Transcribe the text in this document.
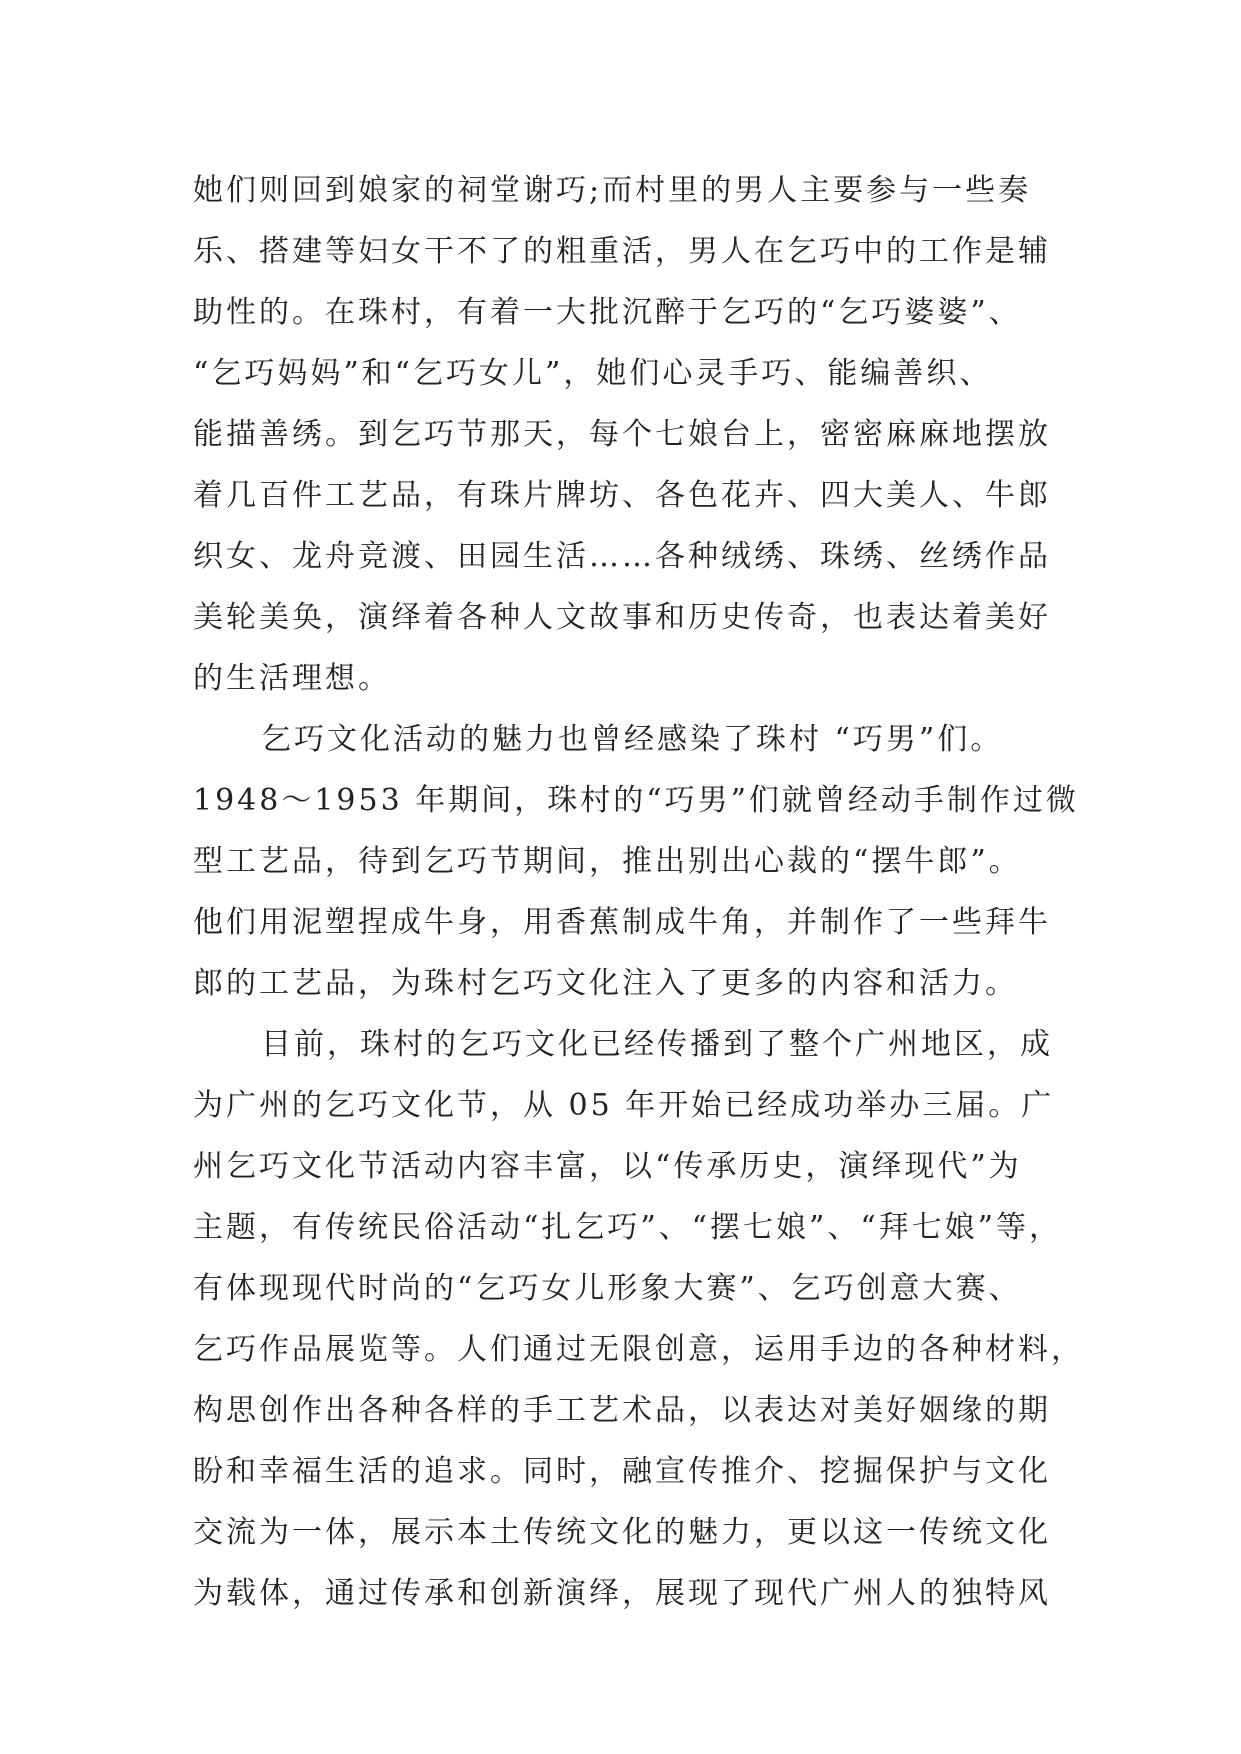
她们则回到娘家的祠堂谢巧;而村里的男人主要参与一些奏
乐、搭建等妇女干不了的粗重活，男人在乞巧中的工作是辅
助性的。在珠村，有着一大批沉醉于乞巧的“乞巧婆婆”、
“乞巧妈妈”和“乞巧女儿”，她们心灵手巧、能编善织、
能描善绣。到乞巧节那天，每个七娘台上，密密麻麻地摆放
着几百件工艺品，有珠片牌坊、各色花卉、四大美人、牛郎
织女、龙舟竞渡、田园生活……各种绒绣、珠绣、丝绣作品
美轮美奂，演绎着各种人文故事和历史传奇，也表达着美好
的生活理想。
乞巧文化活动的魅力也曾经感染了珠村 “巧男”们。
1948～1953 年期间，珠村的“巧男”们就曾经动手制作过微
型工艺品，待到乞巧节期间，推出别出心裁的“摆牛郎”。
他们用泥塑捏成牛身，用香蕉制成牛角，并制作了一些拜牛
郎的工艺品，为珠村乞巧文化注入了更多的内容和活力。
目前，珠村的乞巧文化已经传播到了整个广州地区，成
为广州的乞巧文化节，从 05 年开始已经成功举办三届。广
州乞巧文化节活动内容丰富，以“传承历史，演绎现代”为
主题，有传统民俗活动“扎乞巧”、“摆七娘”、“拜七娘”等，
有体现现代时尚的“乞巧女儿形象大赛”、乞巧创意大赛、
乞巧作品展览等。人们通过无限创意，运用手边的各种材料，
构思创作出各种各样的手工艺术品，以表达对美好姻缘的期
盼和幸福生活的追求。同时，融宣传推介、挖掘保护与文化
交流为一体，展示本土传统文化的魅力，更以这一传统文化
为载体，通过传承和创新演绎，展现了现代广州人的独特风
